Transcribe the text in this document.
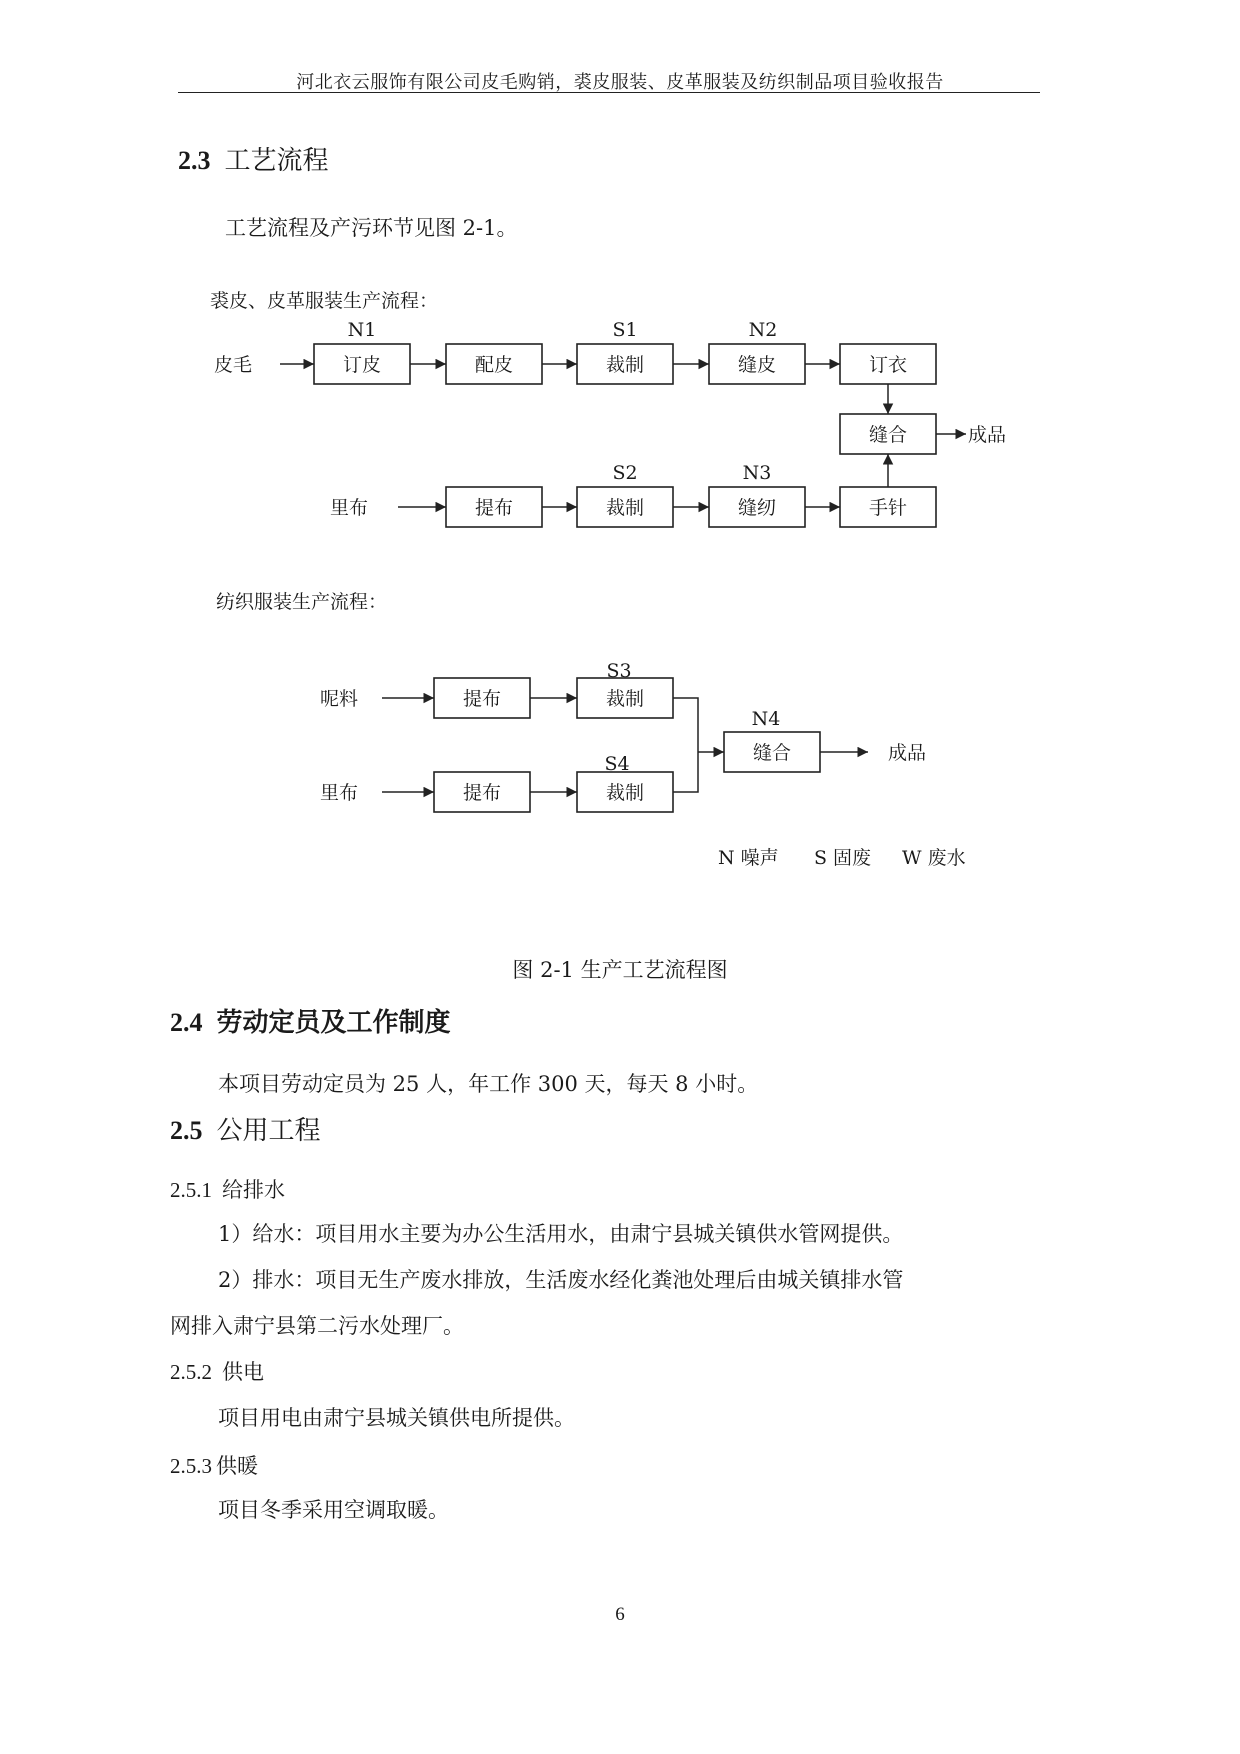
河北衣云服饰有限公司皮毛购销，裘皮服装、皮革服装及纺织制品项目验收报告
2.3 工艺流程
工艺流程及产污环节见图 2-1。
裘皮、皮革服装生产流程：
皮毛	订皮	配皮	裁制	缝皮	订衣
缝合	成品
里布	提布	裁制	缝纫	手针
纺织服装生产流程：
呢料	提布	裁制
里布	提布	裁制
缝合	成品
N 噪声 S 固废 W 废水
N1	S1	N2
S2	N3
S3
S4
N4
图 2-1 生产工艺流程图
2.4 劳动定员及工作制度
本项目劳动定员为 25 人，年工作 300 天，每天 8 小时。
2.5 公用工程
2.5.1 给排水
1）给水：项目用水主要为办公生活用水，由肃宁县城关镇供水管网提供。
2）排水：项目无生产废水排放，生活废水经化粪池处理后由城关镇排水管
网排入肃宁县第二污水处理厂。
2.5.2 供电
项目用电由肃宁县城关镇供电所提供。
2.5.3 供暖
项目冬季采用空调取暖。
6
